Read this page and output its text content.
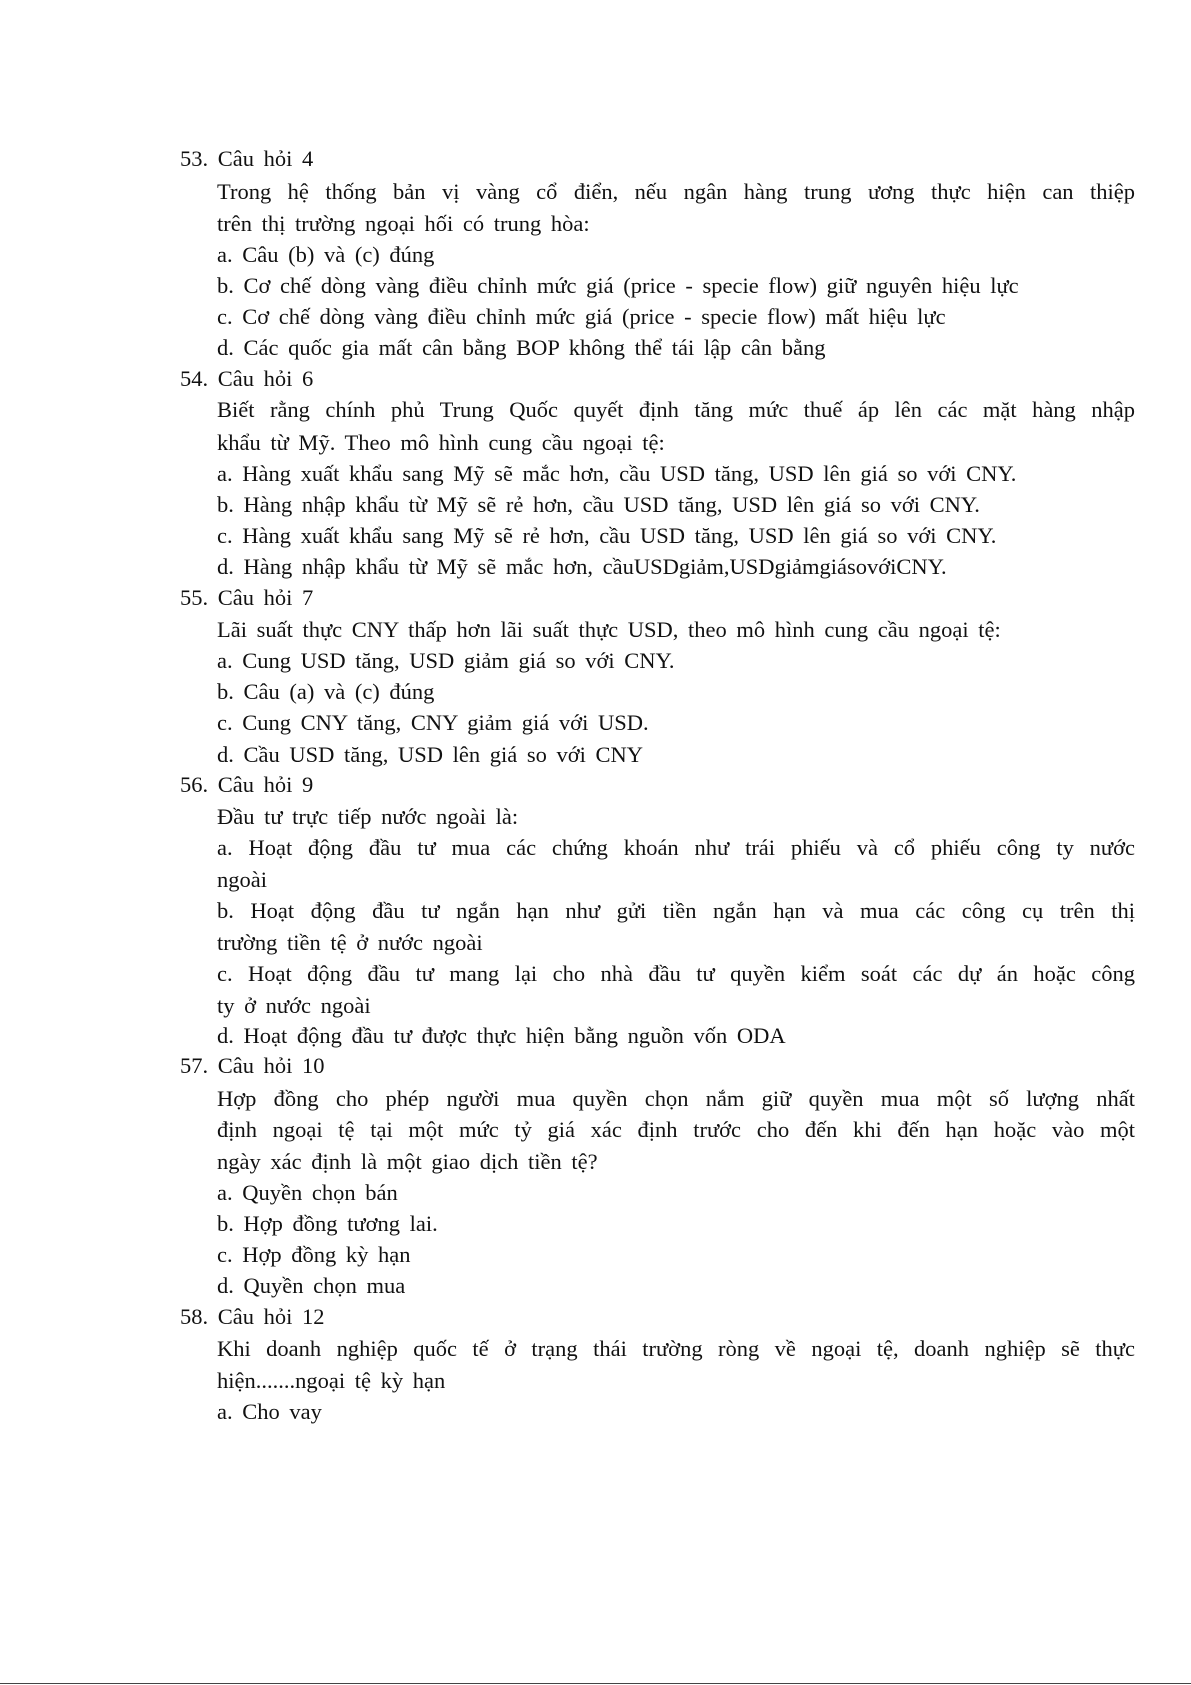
53. Câu hỏi 4
Trong hệ thống bản vị vàng cổ điển, nếu ngân hàng trung ương thực hiện can thiệp
trên thị trường ngoại hối có trung hòa:
a. Câu (b) và (c) đúng
b. Cơ chế dòng vàng điều chỉnh mức giá (price - specie flow) giữ nguyên hiệu lực
c. Cơ chế dòng vàng điều chỉnh mức giá (price - specie flow) mất hiệu lực
d. Các quốc gia mất cân bằng BOP không thể tái lập cân bằng
54. Câu hỏi 6
Biết rằng chính phủ Trung Quốc quyết định tăng mức thuế áp lên các mặt hàng nhập
khẩu từ Mỹ. Theo mô hình cung cầu ngoại tệ:
a. Hàng xuất khẩu sang Mỹ sẽ mắc hơn, cầu USD tăng, USD lên giá so với CNY.
b. Hàng nhập khẩu từ Mỹ sẽ rẻ hơn, cầu USD tăng, USD lên giá so với CNY.
c. Hàng xuất khẩu sang Mỹ sẽ rẻ hơn, cầu USD tăng, USD lên giá so với CNY.
d. Hàng nhập khẩu từ Mỹ sẽ mắc hơn, cầuUSDgiảm,USDgiảmgiásovớiCNY.
55. Câu hỏi 7
Lãi suất thực CNY thấp hơn lãi suất thực USD, theo mô hình cung cầu ngoại tệ:
a. Cung USD tăng, USD giảm giá so với CNY.
b. Câu (a) và (c) đúng
c. Cung CNY tăng, CNY giảm giá với USD.
d. Cầu USD tăng, USD lên giá so với CNY
56. Câu hỏi 9
Đầu tư trực tiếp nước ngoài là:
a. Hoạt động đầu tư mua các chứng khoán như trái phiếu và cổ phiếu công ty nước
ngoài
b. Hoạt động đầu tư ngắn hạn như gửi tiền ngắn hạn và mua các công cụ trên thị
trường tiền tệ ở nước ngoài
c. Hoạt động đầu tư mang lại cho nhà đầu tư quyền kiểm soát các dự án hoặc công
ty ở nước ngoài
d. Hoạt động đầu tư được thực hiện bằng nguồn vốn ODA
57. Câu hỏi 10
Hợp đồng cho phép người mua quyền chọn nắm giữ quyền mua một số lượng nhất
định ngoại tệ tại một mức tỷ giá xác định trước cho đến khi đến hạn hoặc vào một
ngày xác định là một giao dịch tiền tệ?
a. Quyền chọn bán
b. Hợp đồng tương lai.
c. Hợp đồng kỳ hạn
d. Quyền chọn mua
58. Câu hỏi 12
Khi doanh nghiệp quốc tế ở trạng thái trường ròng về ngoại tệ, doanh nghiệp sẽ thực
hiện.......ngoại tệ kỳ hạn
a. Cho vay
